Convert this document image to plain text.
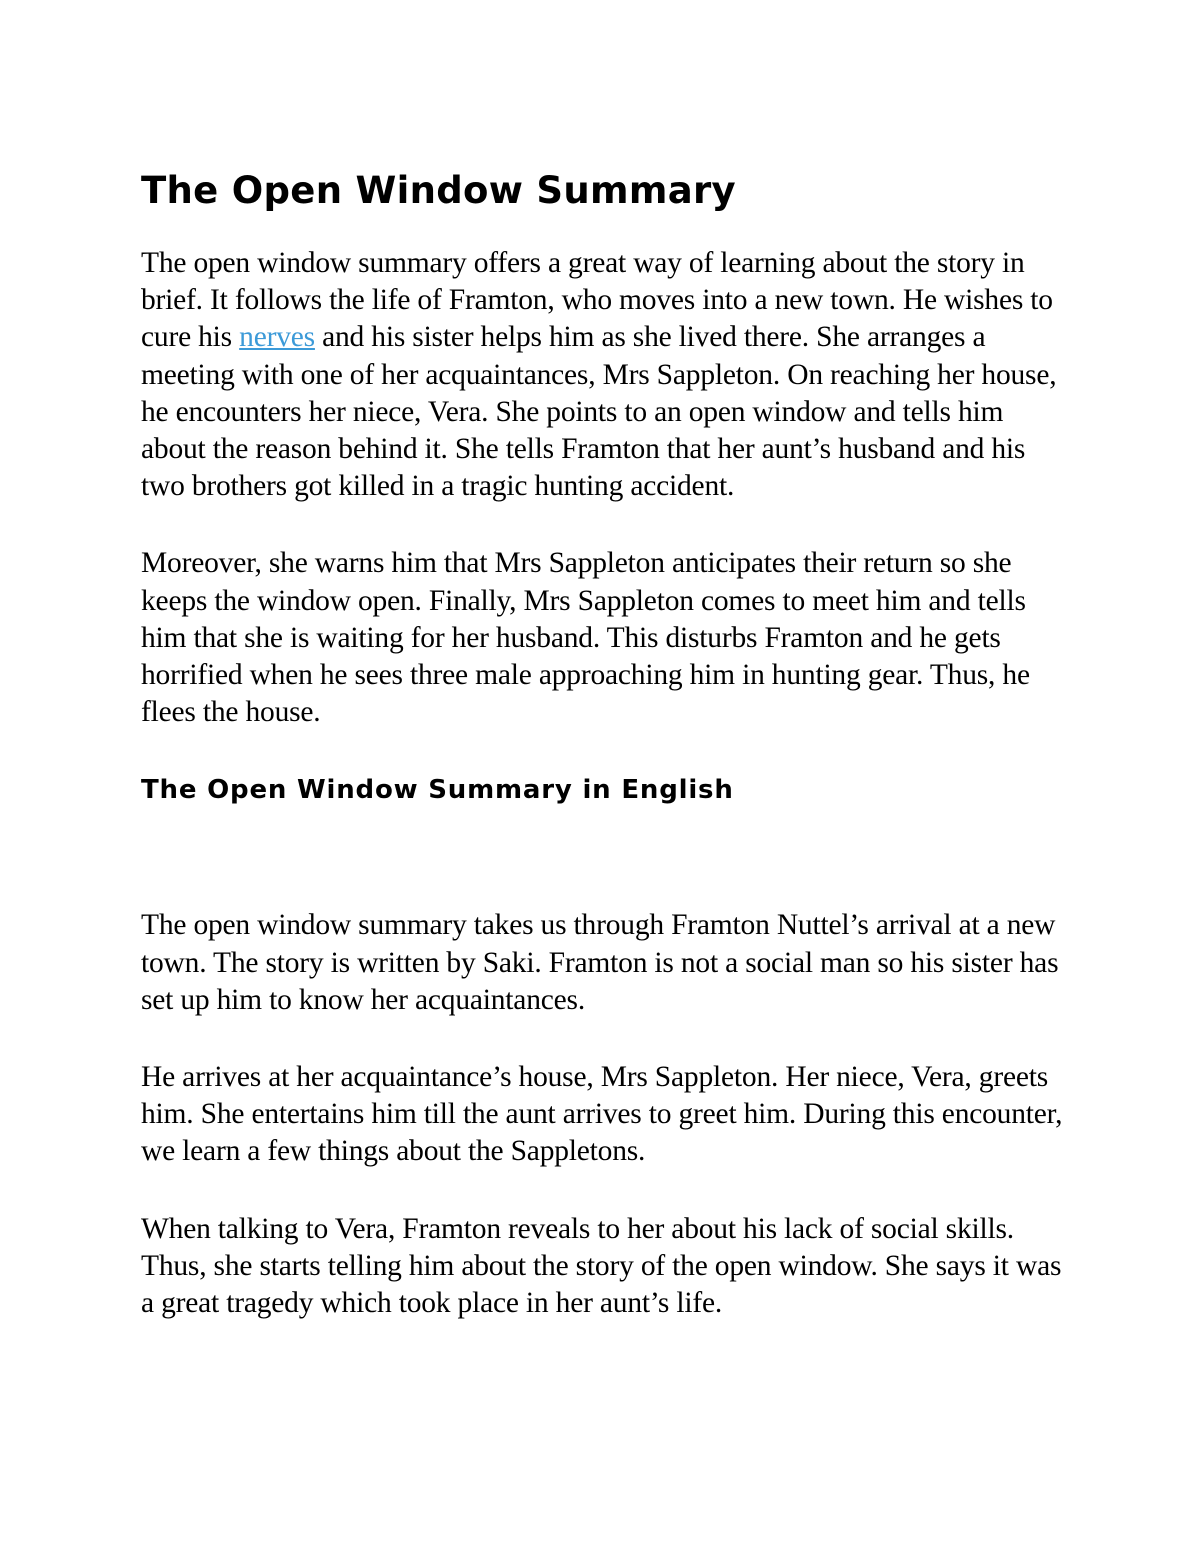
The Open Window Summary

The open window summary offers a great way of learning about the story in brief. It follows the life of Framton, who moves into a new town. He wishes to cure his nerves and his sister helps him as she lived there. She arranges a meeting with one of her acquaintances, Mrs Sappleton. On reaching her house, he encounters her niece, Vera. She points to an open window and tells him about the reason behind it. She tells Framton that her aunt’s husband and his two brothers got killed in a tragic hunting accident.

Moreover, she warns him that Mrs Sappleton anticipates their return so she keeps the window open. Finally, Mrs Sappleton comes to meet him and tells him that she is waiting for her husband. This disturbs Framton and he gets horrified when he sees three male approaching him in hunting gear. Thus, he flees the house.

The Open Window Summary in English

The open window summary takes us through Framton Nuttel’s arrival at a new town. The story is written by Saki. Framton is not a social man so his sister has set up him to know her acquaintances.

He arrives at her acquaintance’s house, Mrs Sappleton. Her niece, Vera, greets him. She entertains him till the aunt arrives to greet him. During this encounter, we learn a few things about the Sappletons.

When talking to Vera, Framton reveals to her about his lack of social skills. Thus, she starts telling him about the story of the open window. She says it was a great tragedy which took place in her aunt’s life.
